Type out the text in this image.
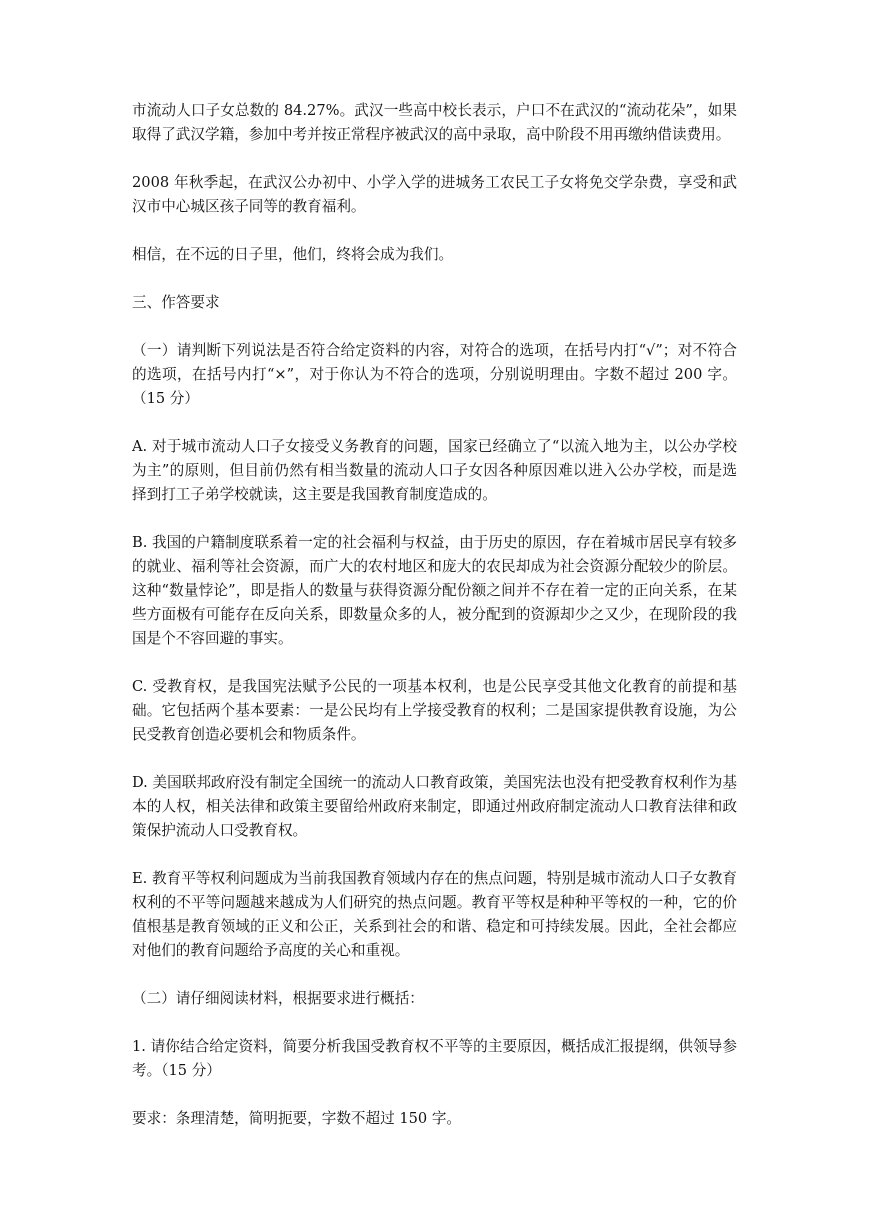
市流动人口子女总数的 84.27%。武汉一些高中校长表示，户口不在武汉的“流动花朵”，如果取得了武汉学籍，参加中考并按正常程序被武汉的高中录取，高中阶段不用再缴纳借读费用。

2008 年秋季起，在武汉公办初中、小学入学的进城务工农民工子女将免交学杂费，享受和武汉市中心城区孩子同等的教育福利。

相信，在不远的日子里，他们，终将会成为我们。

三、作答要求

（一）请判断下列说法是否符合给定资料的内容，对符合的选项，在括号内打“√”；对不符合的选项，在括号内打“×”，对于你认为不符合的选项，分别说明理由。字数不超过 200 字。（15 分）

A. 对于城市流动人口子女接受义务教育的问题，国家已经确立了“以流入地为主，以公办学校为主”的原则，但目前仍然有相当数量的流动人口子女因各种原因难以进入公办学校，而是选择到打工子弟学校就读，这主要是我国教育制度造成的。

B. 我国的户籍制度联系着一定的社会福利与权益，由于历史的原因，存在着城市居民享有较多的就业、福利等社会资源，而广大的农村地区和庞大的农民却成为社会资源分配较少的阶层。这种“数量悖论”，即是指人的数量与获得资源分配份额之间并不存在着一定的正向关系，在某些方面极有可能存在反向关系，即数量众多的人，被分配到的资源却少之又少，在现阶段的我国是个不容回避的事实。

C. 受教育权，是我国宪法赋予公民的一项基本权利，也是公民享受其他文化教育的前提和基础。它包括两个基本要素：一是公民均有上学接受教育的权利；二是国家提供教育设施，为公民受教育创造必要机会和物质条件。

D. 美国联邦政府没有制定全国统一的流动人口教育政策，美国宪法也没有把受教育权利作为基本的人权，相关法律和政策主要留给州政府来制定，即通过州政府制定流动人口教育法律和政策保护流动人口受教育权。

E. 教育平等权利问题成为当前我国教育领域内存在的焦点问题，特别是城市流动人口子女教育权利的不平等问题越来越成为人们研究的热点问题。教育平等权是种种平等权的一种，它的价值根基是教育领域的正义和公正，关系到社会的和谐、稳定和可持续发展。因此，全社会都应对他们的教育问题给予高度的关心和重视。

（二）请仔细阅读材料，根据要求进行概括：

1. 请你结合给定资料，简要分析我国受教育权不平等的主要原因，概括成汇报提纲，供领导参考。（15 分）

要求：条理清楚，简明扼要，字数不超过 150 字。
